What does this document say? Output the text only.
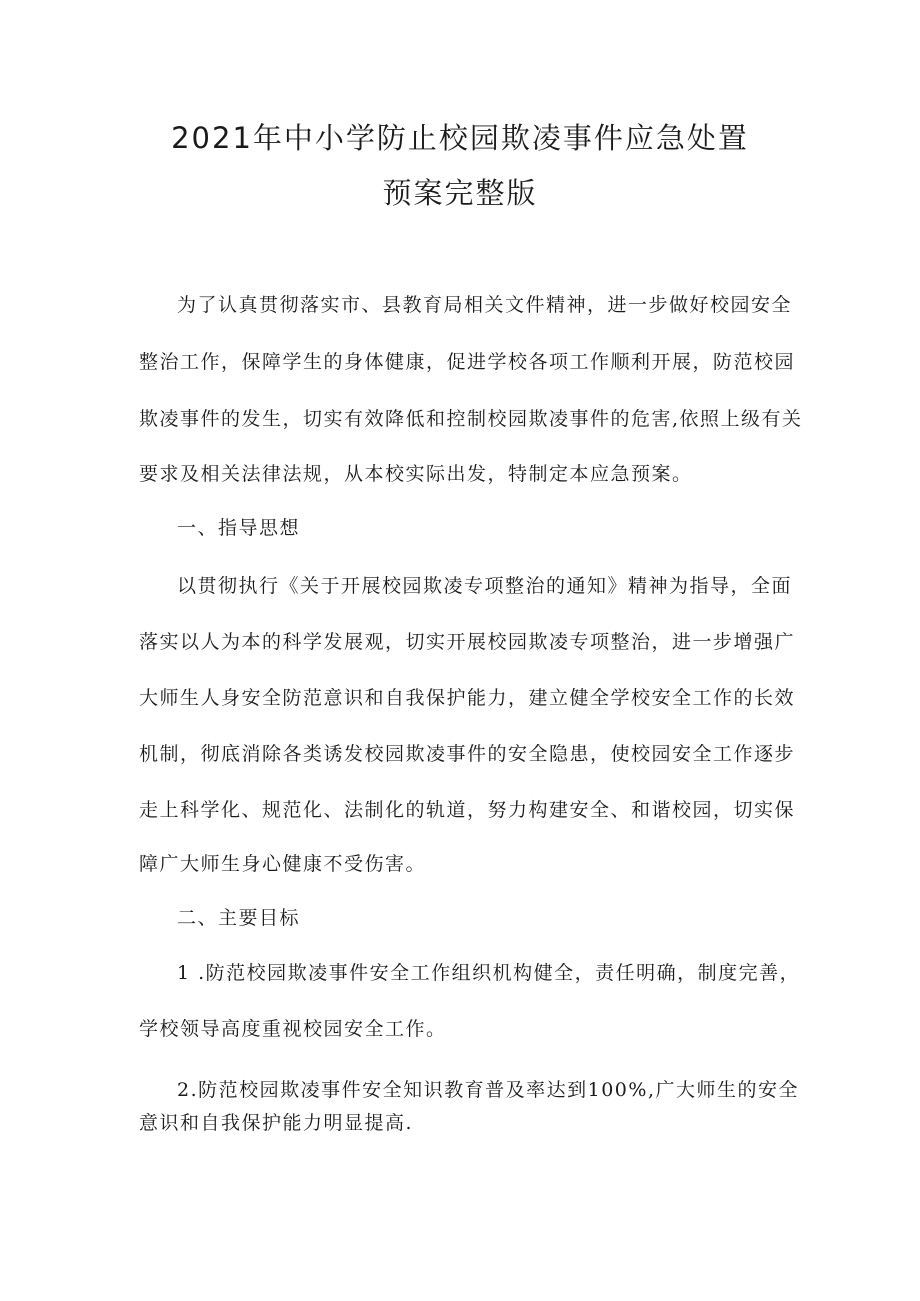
2021年中小学防止校园欺凌事件应急处置
预案完整版
为了认真贯彻落实市、县教育局相关文件精神，进一步做好校园安全
整治工作，保障学生的身体健康，促进学校各项工作顺利开展，防范校园
欺凌事件的发生，切实有效降低和控制校园欺凌事件的危害,依照上级有关
要求及相关法律法规，从本校实际出发，特制定本应急预案。
一、指导思想
以贯彻执行《关于开展校园欺凌专项整治的通知》精神为指导，全面
落实以人为本的科学发展观，切实开展校园欺凌专项整治，进一步增强广
大师生人身安全防范意识和自我保护能力，建立健全学校安全工作的长效
机制，彻底消除各类诱发校园欺凌事件的安全隐患，使校园安全工作逐步
走上科学化、规范化、法制化的轨道，努力构建安全、和谐校园，切实保
障广大师生身心健康不受伤害。
二、主要目标
1 .防范校园欺凌事件安全工作组织机构健全，责任明确，制度完善，
学校领导高度重视校园安全工作。
2.防范校园欺凌事件安全知识教育普及率达到100%,广大师生的安全
意识和自我保护能力明显提高.
